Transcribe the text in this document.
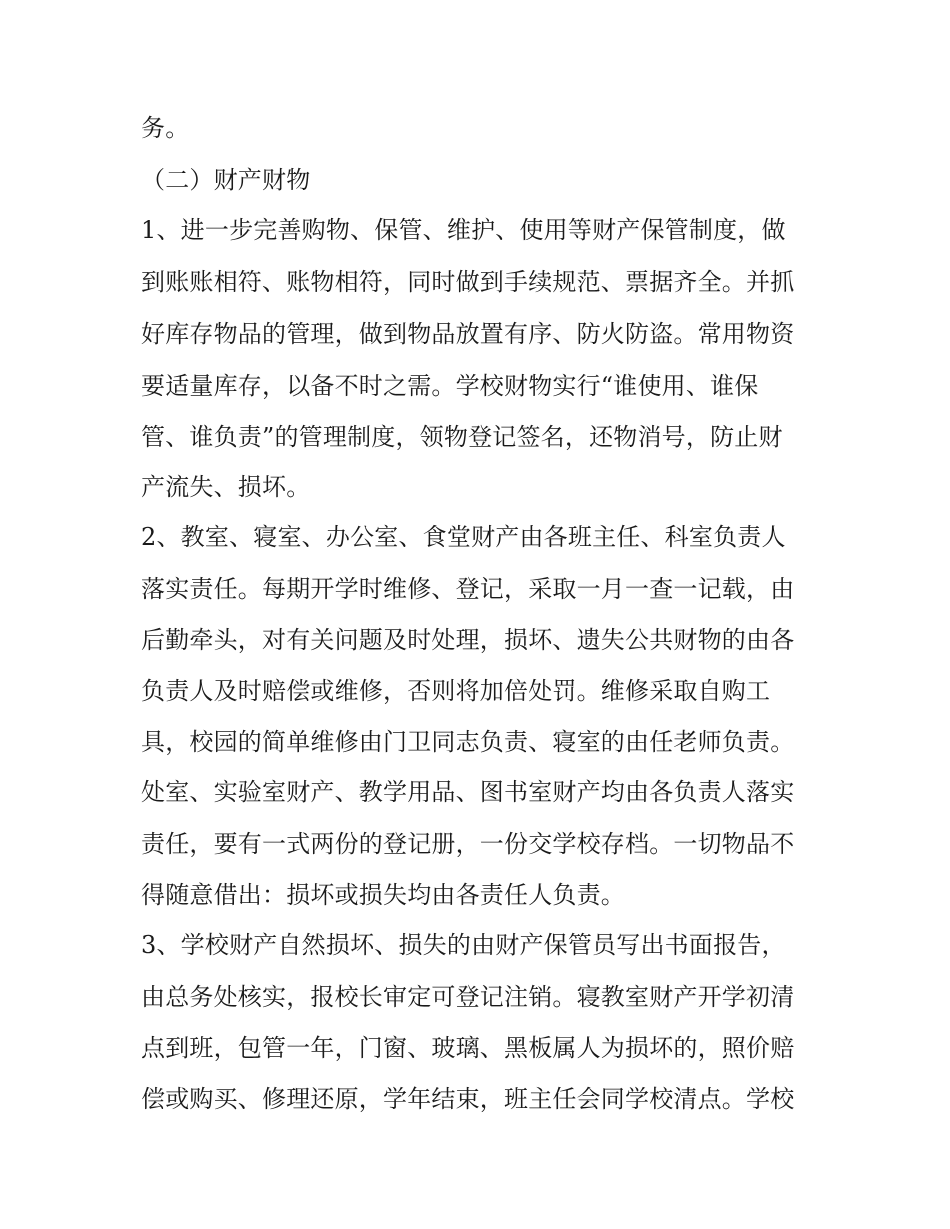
务。
（二）财产财物
1、进一步完善购物、保管、维护、使用等财产保管制度，做
到账账相符、账物相符，同时做到手续规范、票据齐全。并抓
好库存物品的管理，做到物品放置有序、防火防盗。常用物资
要适量库存，以备不时之需。学校财物实行“谁使用、谁保
管、谁负责”的管理制度，领物登记签名，还物消号，防止财
产流失、损坏。
2、教室、寝室、办公室、食堂财产由各班主任、科室负责人
落实责任。每期开学时维修、登记，采取一月一查一记载，由
后勤牵头，对有关问题及时处理，损坏、遗失公共财物的由各
负责人及时赔偿或维修，否则将加倍处罚。维修采取自购工
具，校园的简单维修由门卫同志负责、寝室的由任老师负责。
处室、实验室财产、教学用品、图书室财产均由各负责人落实
责任，要有一式两份的登记册，一份交学校存档。一切物品不
得随意借出：损坏或损失均由各责任人负责。
3、学校财产自然损坏、损失的由财产保管员写出书面报告，
由总务处核实，报校长审定可登记注销。寝教室财产开学初清
点到班，包管一年，门窗、玻璃、黑板属人为损坏的，照价赔
偿或购买、修理还原，学年结束，班主任会同学校清点。学校
